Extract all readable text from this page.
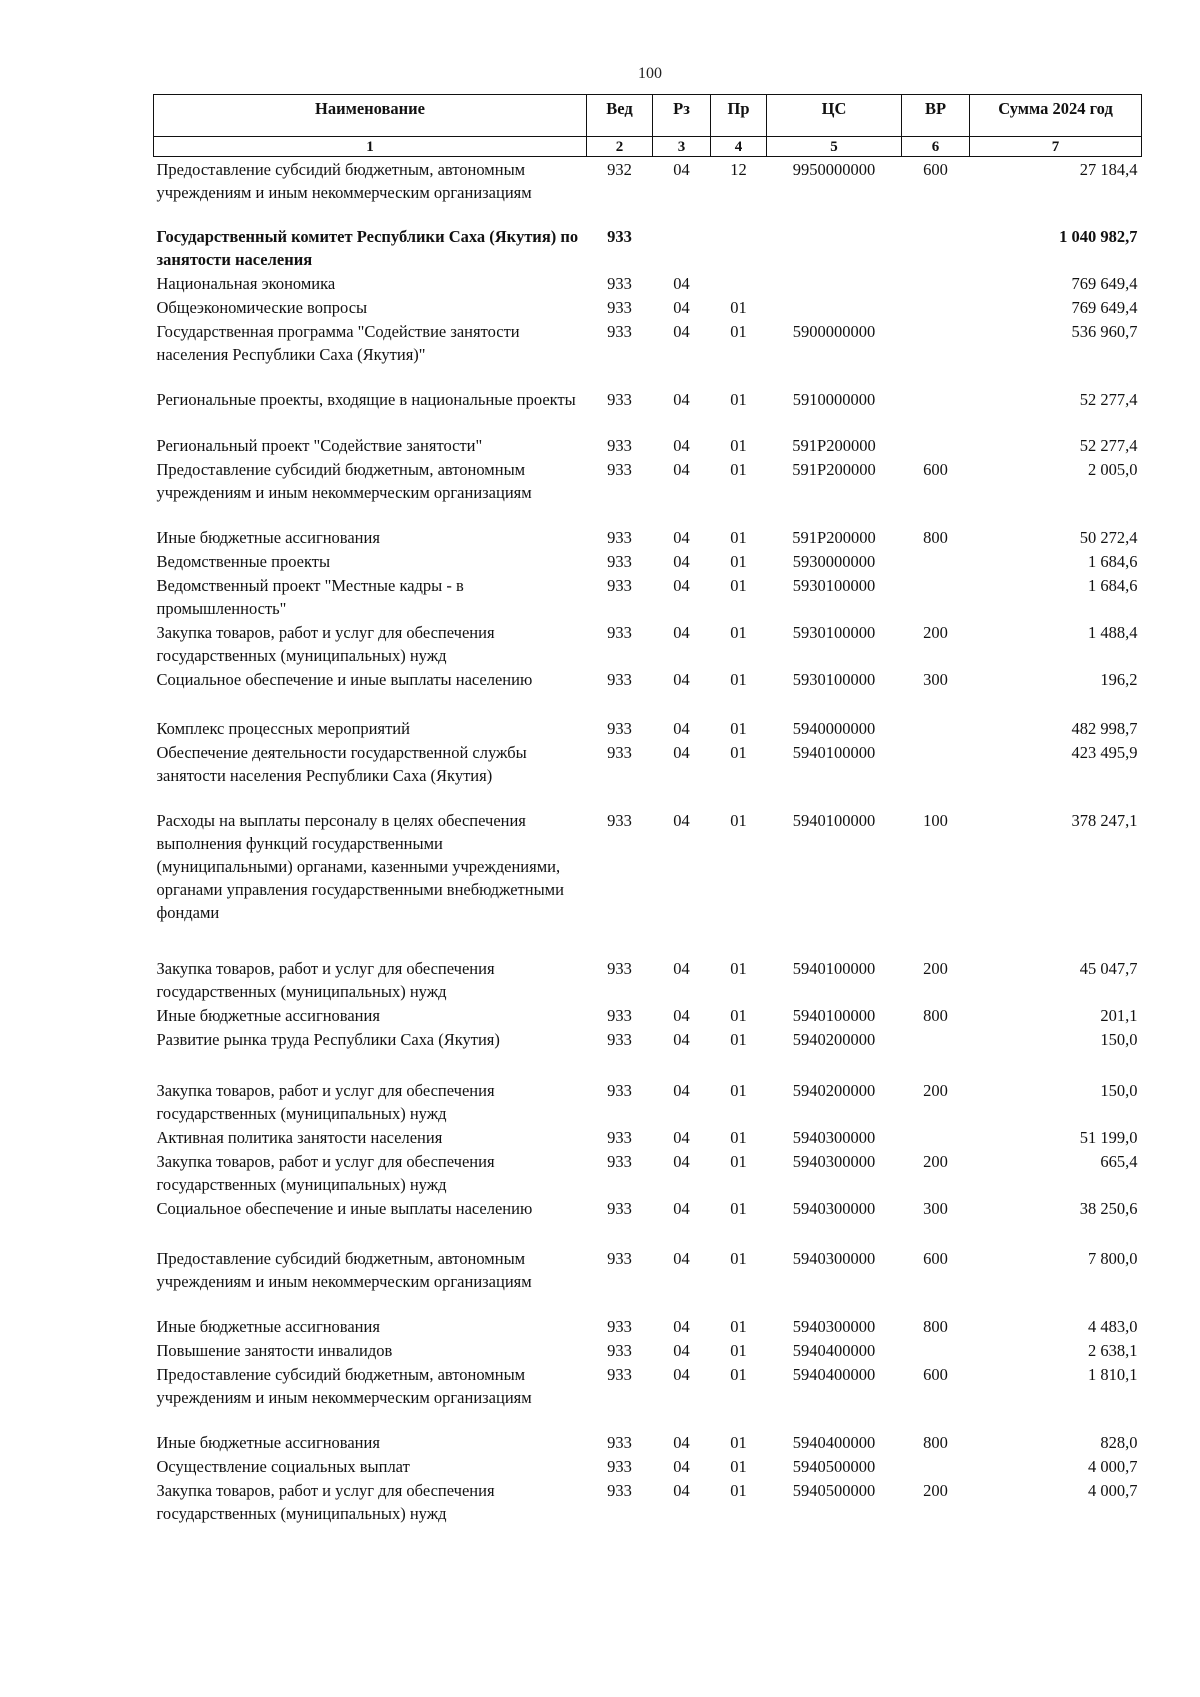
100
Наименование	Вед	Рз	Пр	ЦС	ВР	Сумма 2024 год
1	2	3	4	5	6	7
Предоставление субсидий бюджетным, автономным учреждениям и иным некоммерческим организациям	932	04	12	9950000000	600	27 184,4
Государственный комитет Республики Саха (Якутия) по занятости населения	933					1 040 982,7
Национальная экономика	933	04				769 649,4
Общеэкономические вопросы	933	04	01			769 649,4
Государственная программа "Содействие занятости населения Республики Саха (Якутия)"	933	04	01	5900000000		536 960,7
Региональные проекты, входящие в национальные проекты	933	04	01	5910000000		52 277,4
Региональный проект "Содействие занятости"	933	04	01	591P200000		52 277,4
Предоставление субсидий бюджетным, автономным учреждениям и иным некоммерческим организациям	933	04	01	591P200000	600	2 005,0
Иные бюджетные ассигнования	933	04	01	591P200000	800	50 272,4
Ведомственные проекты	933	04	01	5930000000		1 684,6
Ведомственный проект "Местные кадры - в промышленность"	933	04	01	5930100000		1 684,6
Закупка товаров, работ и услуг для обеспечения государственных (муниципальных) нужд	933	04	01	5930100000	200	1 488,4
Социальное обеспечение и иные выплаты населению	933	04	01	5930100000	300	196,2
Комплекс процессных мероприятий	933	04	01	5940000000		482 998,7
Обеспечение деятельности государственной службы занятости населения Республики Саха (Якутия)	933	04	01	5940100000		423 495,9
Расходы на выплаты персоналу в целях обеспечения выполнения функций государственными (муниципальными) органами, казенными учреждениями, органами управления государственными внебюджетными фондами	933	04	01	5940100000	100	378 247,1
Закупка товаров, работ и услуг для обеспечения государственных (муниципальных) нужд	933	04	01	5940100000	200	45 047,7
Иные бюджетные ассигнования	933	04	01	5940100000	800	201,1
Развитие рынка труда Республики Саха (Якутия)	933	04	01	5940200000		150,0
Закупка товаров, работ и услуг для обеспечения государственных (муниципальных) нужд	933	04	01	5940200000	200	150,0
Активная политика занятости населения	933	04	01	5940300000		51 199,0
Закупка товаров, работ и услуг для обеспечения государственных (муниципальных) нужд	933	04	01	5940300000	200	665,4
Социальное обеспечение и иные выплаты населению	933	04	01	5940300000	300	38 250,6
Предоставление субсидий бюджетным, автономным учреждениям и иным некоммерческим организациям	933	04	01	5940300000	600	7 800,0
Иные бюджетные ассигнования	933	04	01	5940300000	800	4 483,0
Повышение занятости инвалидов	933	04	01	5940400000		2 638,1
Предоставление субсидий бюджетным, автономным учреждениям и иным некоммерческим организациям	933	04	01	5940400000	600	1 810,1
Иные бюджетные ассигнования	933	04	01	5940400000	800	828,0
Осуществление социальных выплат	933	04	01	5940500000		4 000,7
Закупка товаров, работ и услуг для обеспечения государственных (муниципальных) нужд	933	04	01	5940500000	200	4 000,7
